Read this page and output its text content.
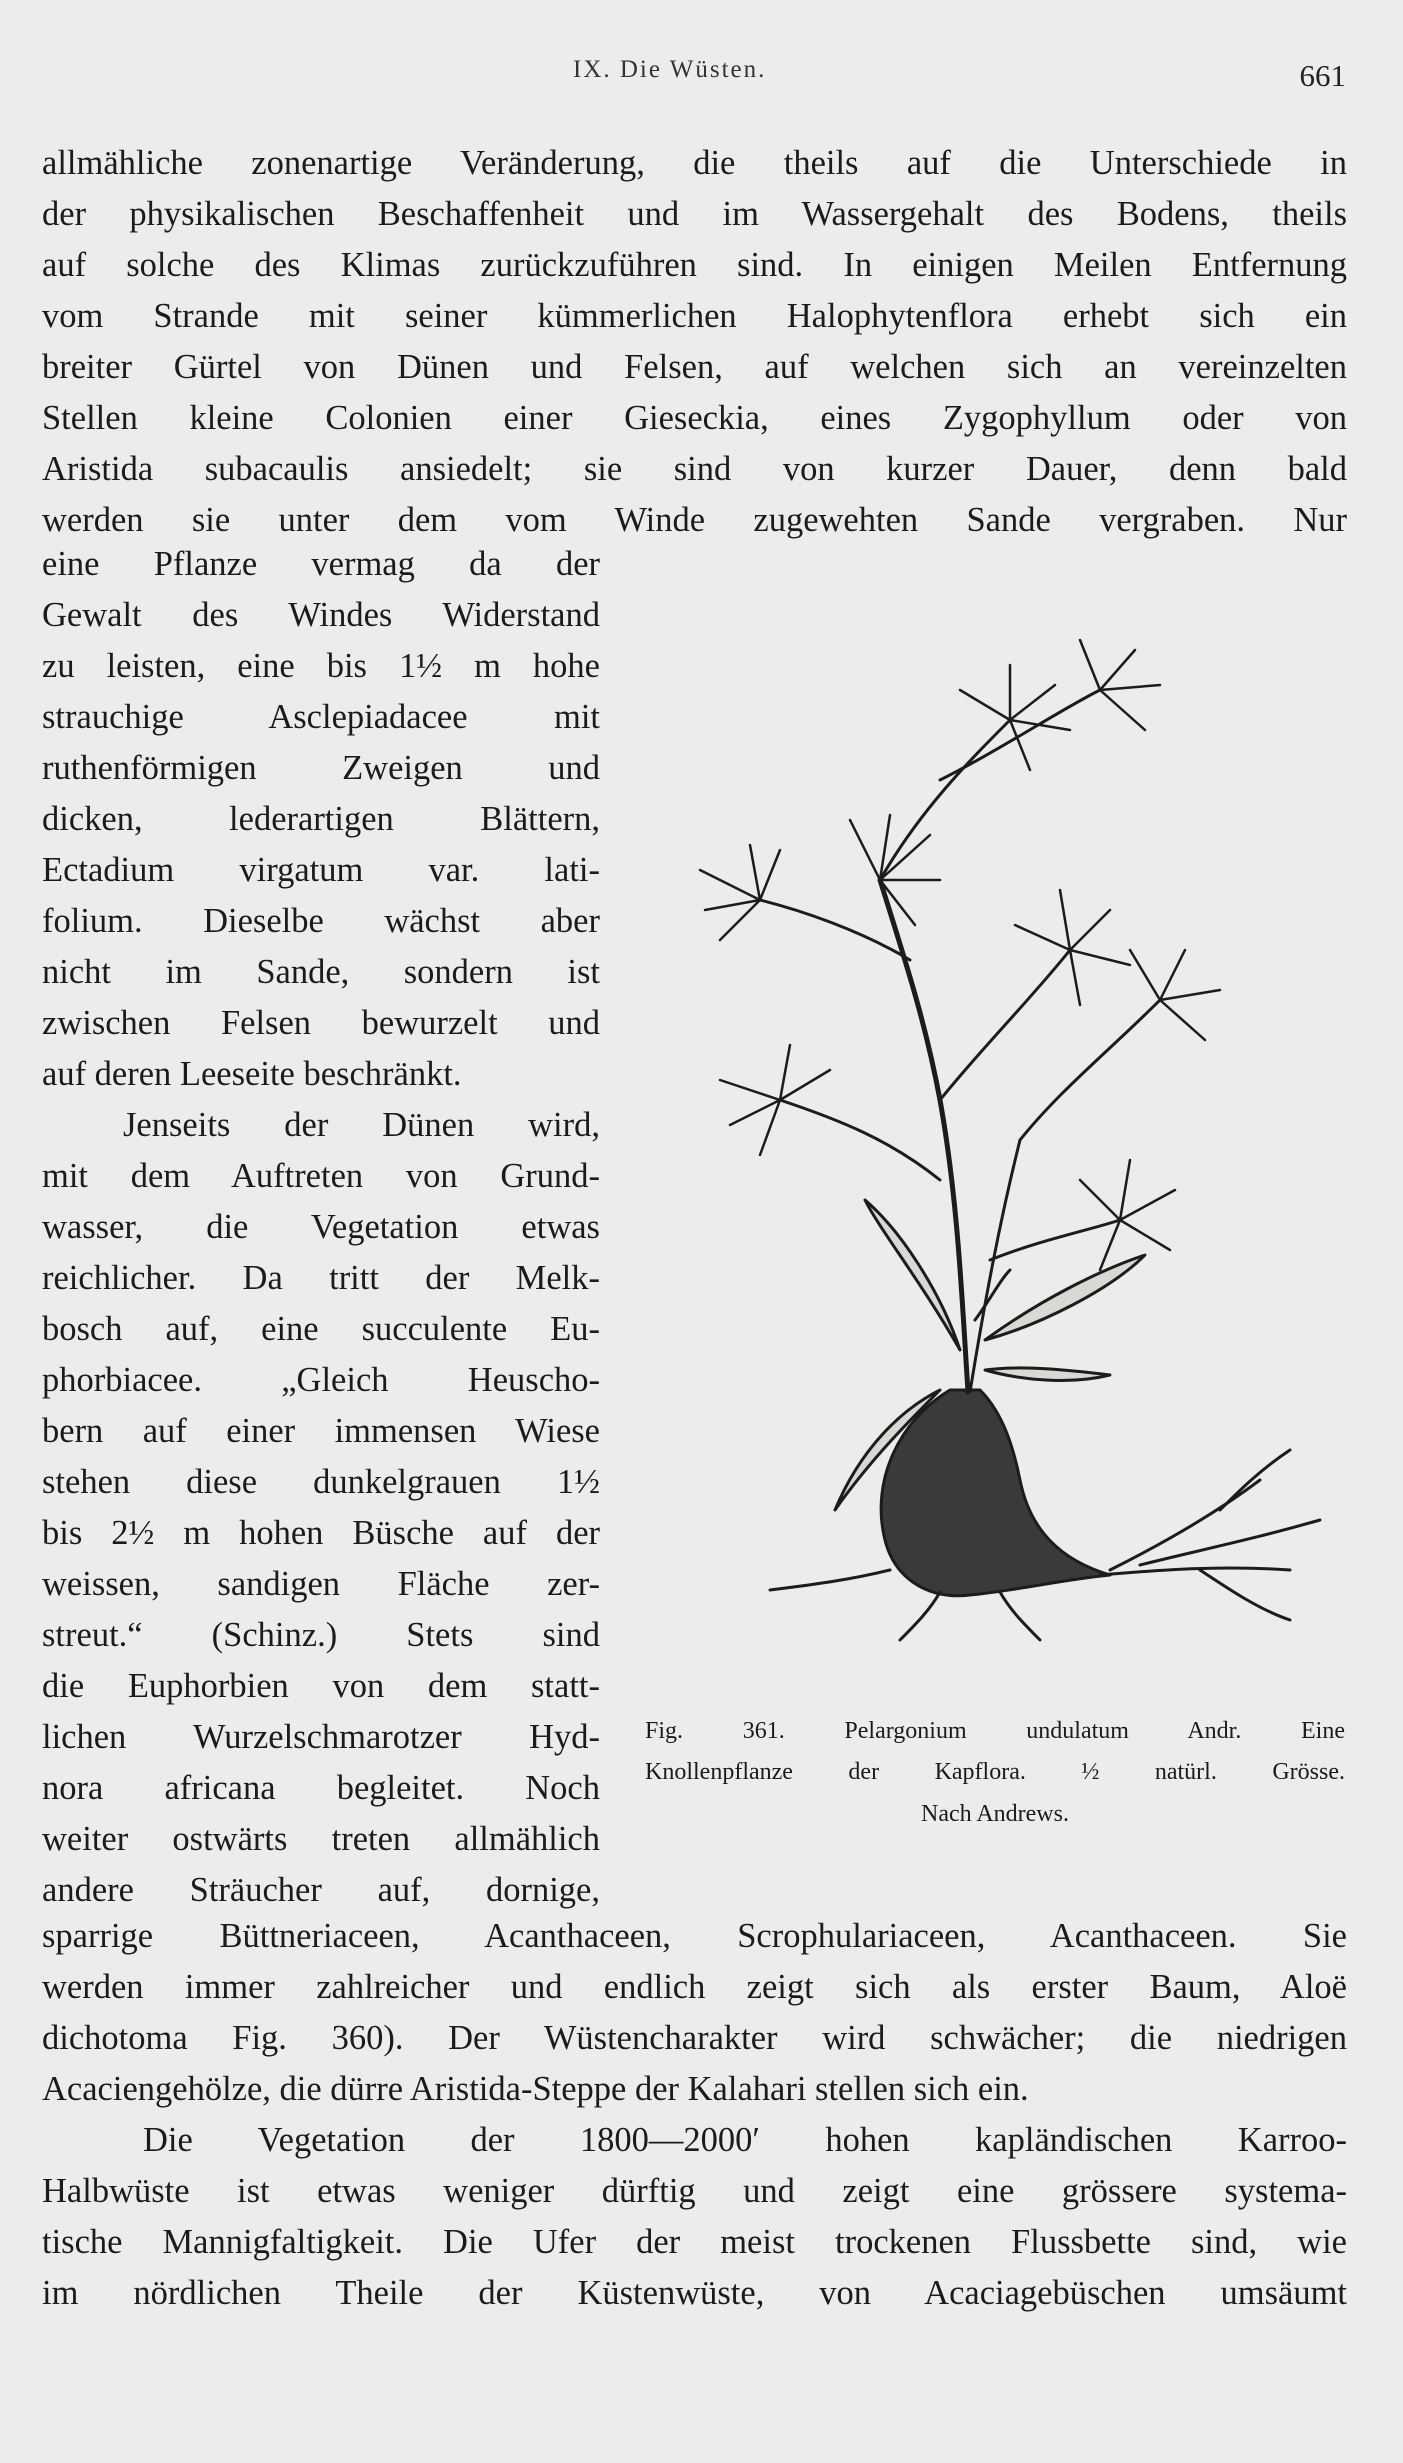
IX. Die Wüsten.	661
allmähliche zonenartige Veränderung, die theils auf die Unterschiede in
der physikalischen Beschaffenheit und im Wassergehalt des Bodens, theils
auf solche des Klimas zurückzuführen sind. In einigen Meilen Entfernung
vom Strande mit seiner kümmerlichen Halophytenflora erhebt sich ein
breiter Gürtel von Dünen und Felsen, auf welchen sich an vereinzelten
Stellen kleine Colonien einer Gieseckia, eines Zygophyllum oder von
Aristida subacaulis ansiedelt; sie sind von kurzer Dauer, denn bald
werden sie unter dem vom Winde zugewehten Sande vergraben. Nur
eine Pflanze vermag da der
Gewalt des Windes Widerstand
zu leisten, eine bis 1½ m hohe
strauchige Asclepiadacee mit
ruthenförmigen Zweigen und
dicken, lederartigen Blättern,
Ectadium virgatum var. lati-
folium. Dieselbe wächst aber
nicht im Sande, sondern ist
zwischen Felsen bewurzelt und
auf deren Leeseite beschränkt.
Jenseits der Dünen wird,
mit dem Auftreten von Grund-
wasser, die Vegetation etwas
reichlicher. Da tritt der Melk-
bosch auf, eine succulente Eu-
phorbiacee. „Gleich Heuscho-
bern auf einer immensen Wiese
stehen diese dunkelgrauen 1½
bis 2½ m hohen Büsche auf der
weissen, sandigen Fläche zer-
streut.“ (Schinz.) Stets sind
die Euphorbien von dem statt-
lichen Wurzelschmarotzer Hyd-
nora africana begleitet. Noch
weiter ostwärts treten allmählich
andere Sträucher auf, dornige,
sparrige Büttneriaceen, Acanthaceen, Scrophulariaceen, Acanthaceen. Sie
werden immer zahlreicher und endlich zeigt sich als erster Baum, Aloë
dichotoma Fig. 360). Der Wüstencharakter wird schwächer; die niedrigen
Acaciengehölze, die dürre Aristida-Steppe der Kalahari stellen sich ein.
Die Vegetation der 1800—2000′ hohen kapländischen Karroo-
Halbwüste ist etwas weniger dürftig und zeigt eine grössere systema-
tische Mannigfaltigkeit. Die Ufer der meist trockenen Flussbette sind, wie
im nördlichen Theile der Küstenwüste, von Acaciagebüschen umsäumt
Fig. 361. Pelargonium undulatum Andr. Eine
Knollenpflanze der Kapflora. ½ natürl. Grösse.
Nach Andrews.
